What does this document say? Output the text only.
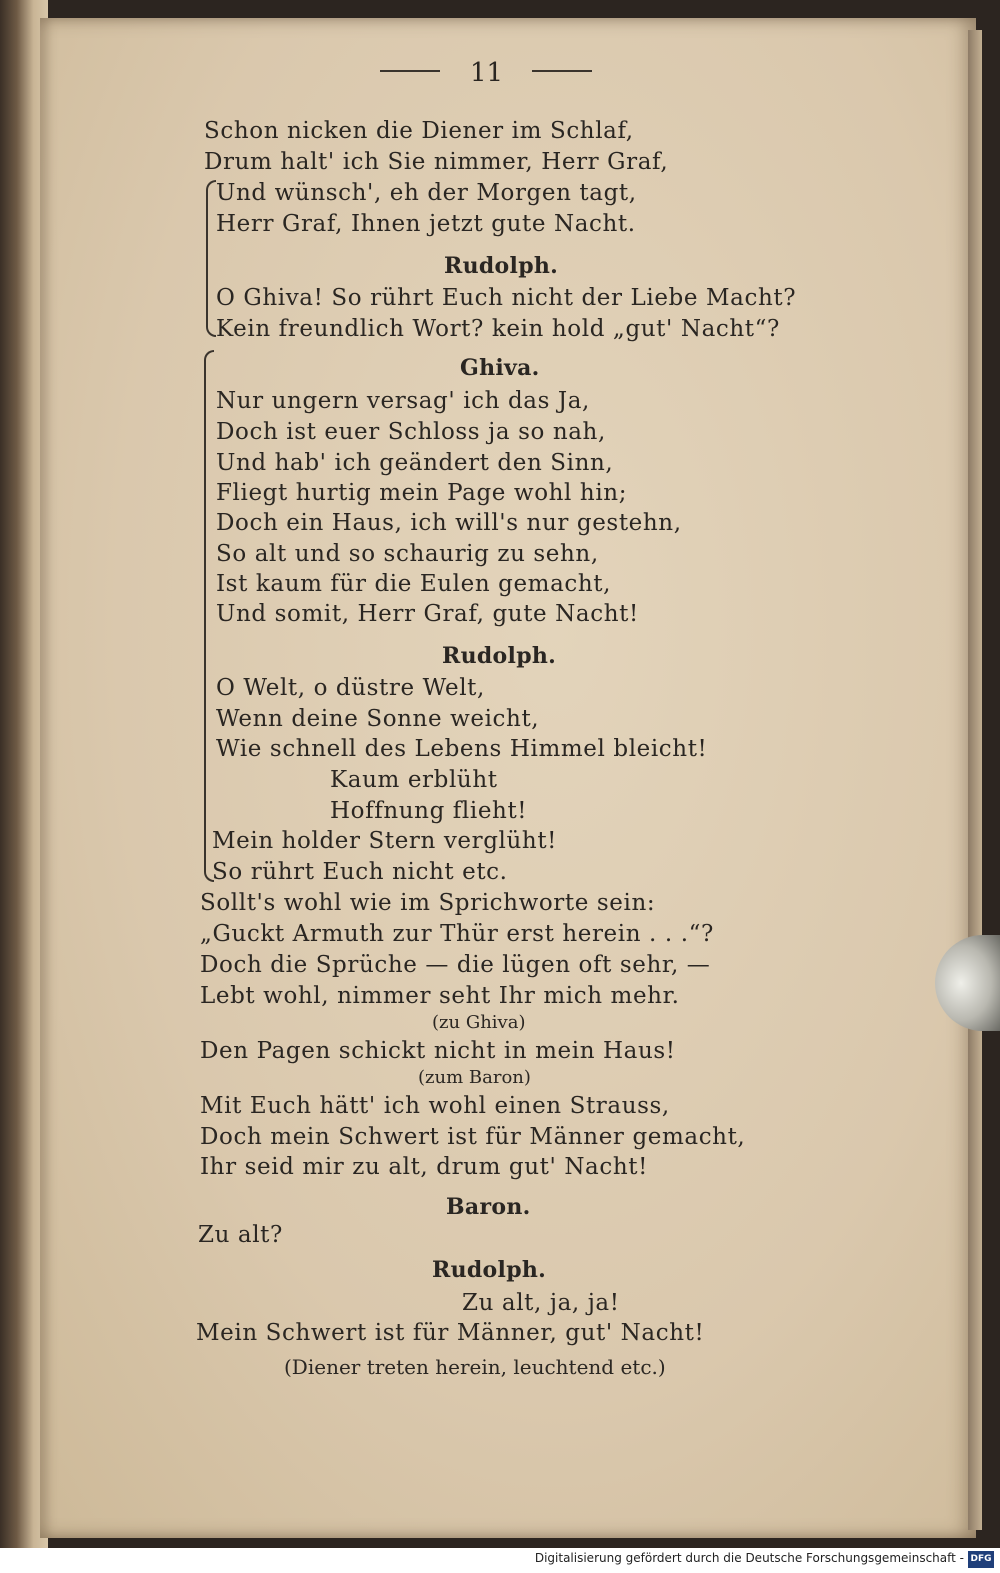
11
Schon nicken die Diener im Schlaf,
Drum halt' ich Sie nimmer, Herr Graf,
Und wünsch', eh der Morgen tagt,
Herr Graf, Ihnen jetzt gute Nacht.
Rudolph.
O Ghiva! So rührt Euch nicht der Liebe Macht?
Kein freundlich Wort? kein hold „gut' Nacht“?
Ghiva.
Nur ungern versag' ich das Ja,
Doch ist euer Schloss ja so nah,
Und hab' ich geändert den Sinn,
Fliegt hurtig mein Page wohl hin;
Doch ein Haus, ich will's nur gestehn,
So alt und so schaurig zu sehn,
Ist kaum für die Eulen gemacht,
Und somit, Herr Graf, gute Nacht!
Rudolph.
O Welt, o düstre Welt,
Wenn deine Sonne weicht,
Wie schnell des Lebens Himmel bleicht!
Kaum erblüht
Hoffnung flieht!
Mein holder Stern verglüht!
So rührt Euch nicht etc.
Sollt's wohl wie im Sprichworte sein:
„Guckt Armuth zur Thür erst herein . . .“?
Doch die Sprüche — die lügen oft sehr, —
Lebt wohl, nimmer seht Ihr mich mehr.
(zu Ghiva)
Den Pagen schickt nicht in mein Haus!
(zum Baron)
Mit Euch hätt' ich wohl einen Strauss,
Doch mein Schwert ist für Männer gemacht,
Ihr seid mir zu alt, drum gut' Nacht!
Baron.
Zu alt?
Rudolph.
Zu alt, ja, ja!
Mein Schwert ist für Männer, gut' Nacht!
(Diener treten herein, leuchtend etc.)
Digitalisierung gefördert durch die Deutsche Forschungsgemeinschaft - DFG
